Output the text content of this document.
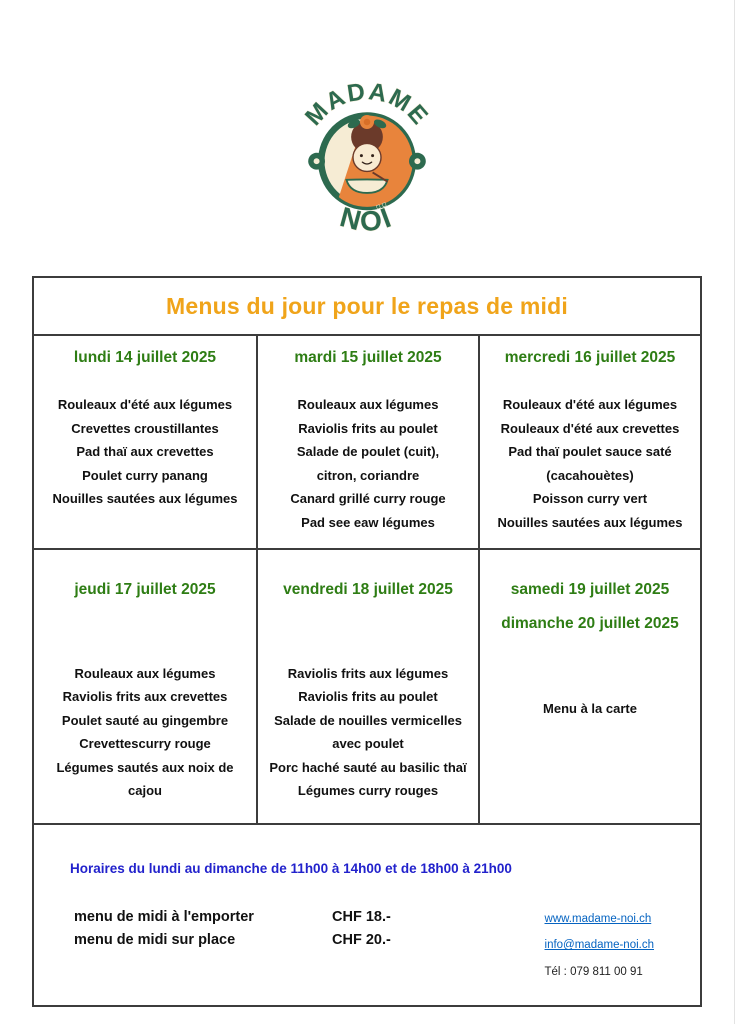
MADAME
NOÏ
Menus du jour pour le repas de midi
lundi 14 juillet 2025
Rouleaux d'été aux légumes
Crevettes croustillantes
Pad thaï aux crevettes
Poulet curry panang
Nouilles sautées aux légumes
mardi 15 juillet 2025
Rouleaux aux légumes
Raviolis frits au poulet
Salade de poulet (cuit),
citron, coriandre
Canard grillé curry rouge
Pad see eaw légumes
mercredi 16 juillet 2025
Rouleaux d'été aux légumes
Rouleaux d'été aux crevettes
Pad thaï poulet sauce saté
(cacahouètes)
Poisson curry vert
Nouilles sautées aux légumes
jeudi 17 juillet 2025
Rouleaux aux légumes
Raviolis frits aux crevettes
Poulet sauté au gingembre
Crevettescurry rouge
Légumes sautés aux noix de cajou
vendredi 18 juillet 2025
Raviolis frits aux légumes
Raviolis frits au poulet
Salade de nouilles vermicelles
avec poulet
Porc haché sauté au basilic thaï
Légumes curry rouges
samedi 19 juillet 2025
dimanche 20 juillet 2025
Menu à la carte
Horaires du lundi au dimanche de 11h00 à 14h00 et de 18h00 à 21h00
menu de midi à l'emporter	CHF 18.-
menu de midi sur place	CHF 20.-
www.madame-noi.ch
info@madame-noi.ch
Tél : 079 811 00 91
